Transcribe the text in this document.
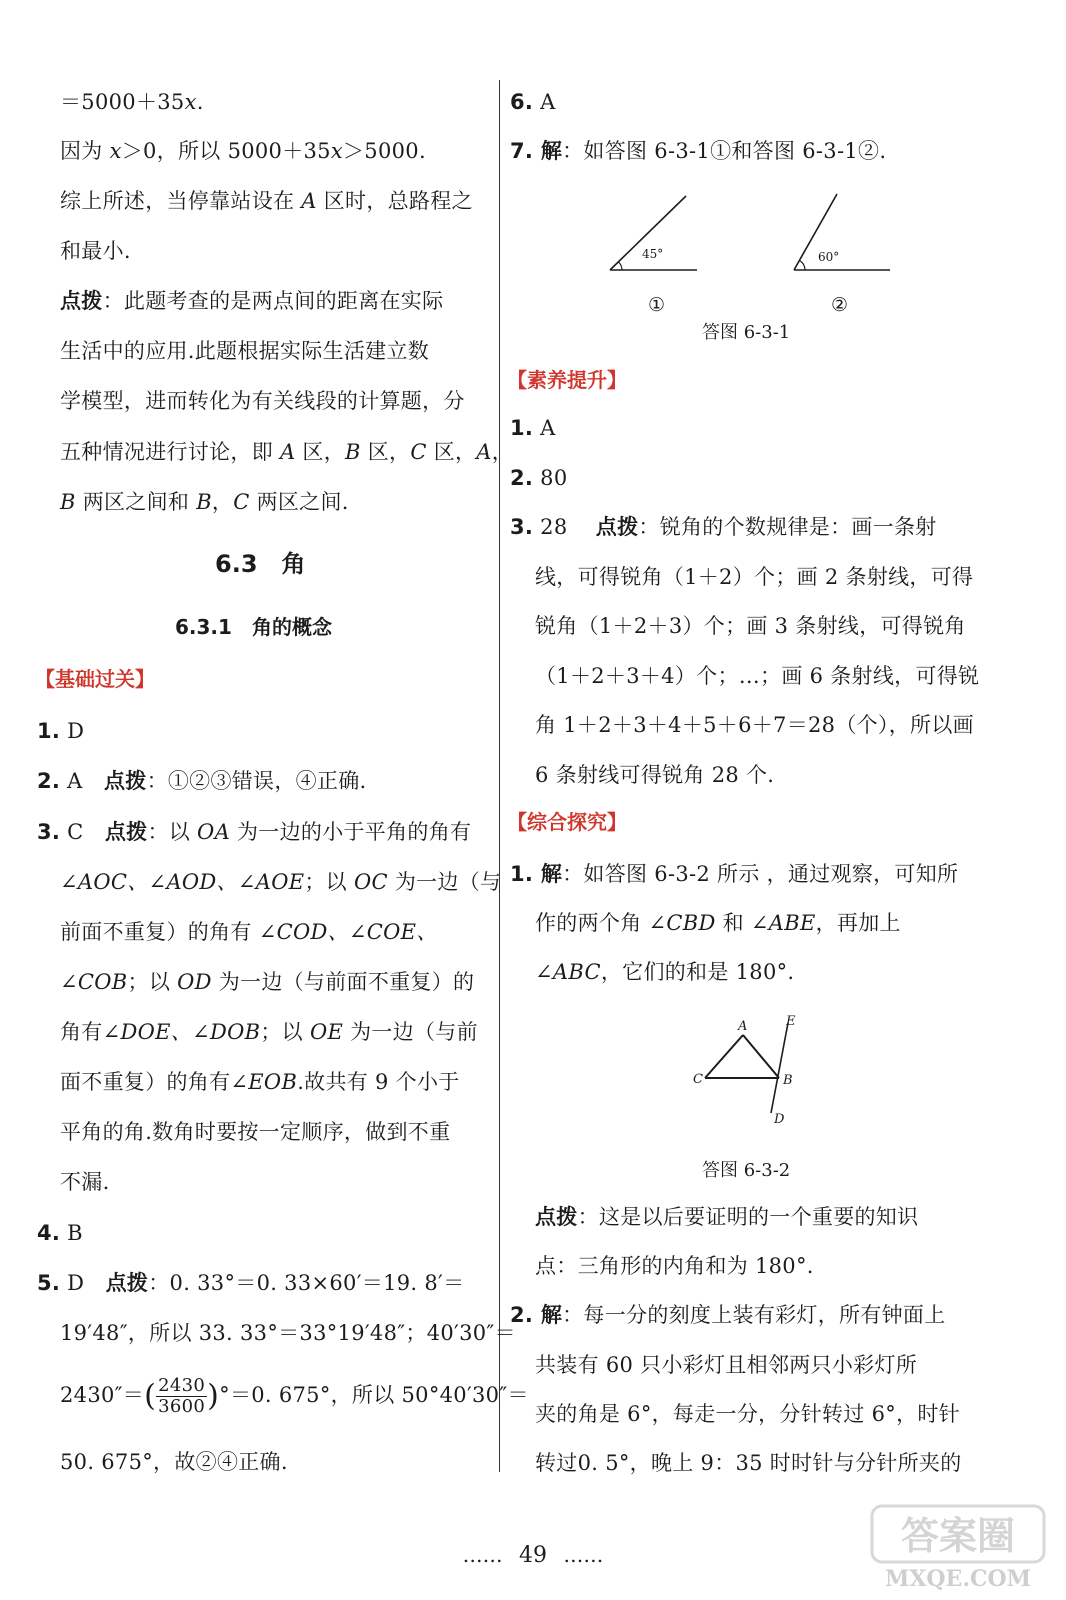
＝5000＋35x.
因为 x＞0，所以 5000＋35x＞5000.
综上所述，当停靠站设在 A 区时，总路程之
和最小.
点拨：此题考查的是两点间的距离在实际
生活中的应用.此题根据实际生活建立数
学模型，进而转化为有关线段的计算题，分
五种情况进行讨论，即 A 区，B 区，C 区，A，
B 两区之间和 B，C 两区之间.
6.3　角
6.3.1　角的概念
【基础过关】
1. D
2. A　点拨：①②③错误，④正确.
3. C　点拨：以 OA 为一边的小于平角的角有
∠AOC、∠AOD、∠AOE；以 OC 为一边（与
前面不重复）的角有 ∠COD、∠COE、
∠COB；以 OD 为一边（与前面不重复）的
角有∠DOE、∠DOB；以 OE 为一边（与前
面不重复）的角有∠EOB.故共有 9 个小于
平角的角.数角时要按一定顺序，做到不重
不漏.
4. B
5. D　点拨：0. 33°＝0. 33×60′＝19. 8′＝
19′48″，所以 33. 33°＝33°19′48″；40′30″＝
$2430''=( \frac{2430}{3600} )^\circ=0$. 675°，所以 50°40′30″＝
50. 675°，故②④正确.
6. A
7. 解：如答图 6-3-1①和答图 6-3-1②.
45°	60°
①	②
答图 6-3-1
【素养提升】
1. A
2. 80
3. 28　 点拨：锐角的个数规律是：画一条射
线，可得锐角（1＋2）个；画 2 条射线，可得
锐角（1＋2＋3）个；画 3 条射线，可得锐角
（1＋2＋3＋4）个；…；画 6 条射线，可得锐
角 1＋2＋3＋4＋5＋6＋7＝28（个），所以画
6 条射线可得锐角 28 个.
【综合探究】
1. 解：如答图 6-3-2 所示 ，通过观察，可知所
作的两个角 ∠CBD 和 ∠ABE，再加上
∠ABC，它们的和是 180°.
A
C	B
D
E
答图 6-3-2
点拨：这是以后要证明的一个重要的知识
点：三角形的内角和为 180°.
2. 解：每一分的刻度上装有彩灯，所有钟面上
共装有 60 只小彩灯且相邻两只小彩灯所
夹的角是 6°，每走一分，分针转过 6°，时针
转过0. 5°，晚上 9：35 时时针与分针所夹的
…… 49 ……	答案圈
MXQE.COM
